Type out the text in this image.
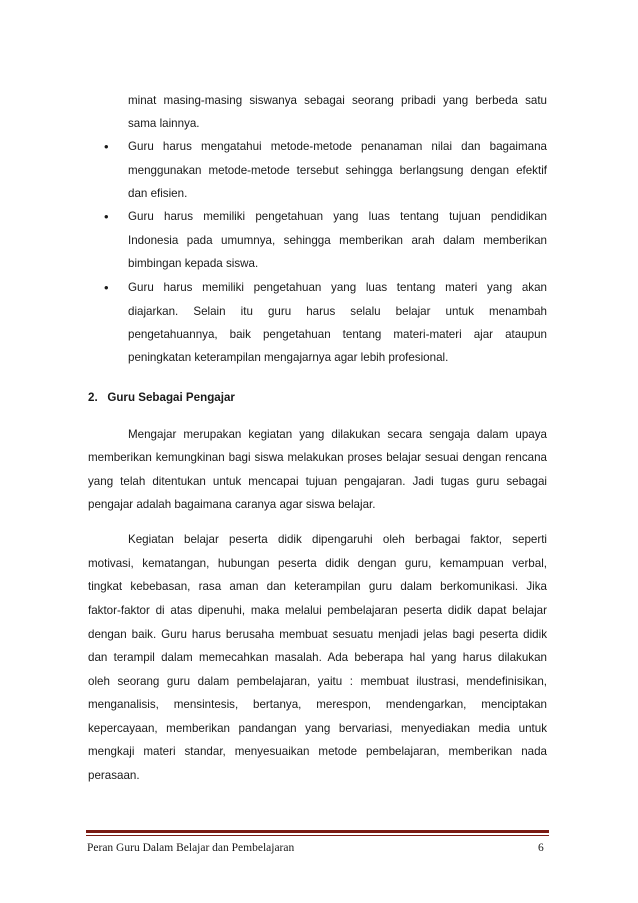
minat masing-masing siswanya sebagai seorang pribadi yang berbeda satu
sama lainnya.
• Guru harus mengatahui metode-metode penanaman nilai dan bagaimana
menggunakan metode-metode tersebut sehingga berlangsung dengan efektif
dan efisien.
• Guru harus memiliki pengetahuan yang luas tentang tujuan pendidikan
Indonesia pada umumnya, sehingga memberikan arah dalam memberikan
bimbingan kepada siswa.
• Guru harus memiliki pengetahuan yang luas tentang materi yang akan
diajarkan. Selain itu guru harus selalu belajar untuk menambah
pengetahuannya, baik pengetahuan tentang materi-materi ajar ataupun
peningkatan keterampilan mengajarnya agar lebih profesional.
2.   Guru Sebagai Pengajar
Mengajar merupakan kegiatan yang dilakukan secara sengaja dalam upaya
memberikan kemungkinan bagi siswa melakukan proses belajar sesuai dengan rencana
yang telah ditentukan untuk mencapai tujuan pengajaran. Jadi tugas guru sebagai
pengajar adalah bagaimana caranya agar siswa belajar.
Kegiatan belajar peserta didik dipengaruhi oleh berbagai faktor, seperti
motivasi, kematangan, hubungan peserta didik dengan guru, kemampuan verbal,
tingkat kebebasan, rasa aman dan keterampilan guru dalam berkomunikasi. Jika
faktor-faktor di atas dipenuhi, maka melalui pembelajaran peserta didik dapat belajar
dengan baik. Guru harus berusaha membuat sesuatu menjadi jelas bagi peserta didik
dan terampil dalam memecahkan masalah. Ada beberapa hal yang harus dilakukan
oleh seorang guru dalam pembelajaran, yaitu : membuat ilustrasi, mendefinisikan,
menganalisis, mensintesis, bertanya, merespon, mendengarkan, menciptakan
kepercayaan, memberikan pandangan yang bervariasi, menyediakan media untuk
mengkaji materi standar, menyesuaikan metode pembelajaran, memberikan nada
perasaan.
Peran Guru Dalam Belajar dan Pembelajaran	6
